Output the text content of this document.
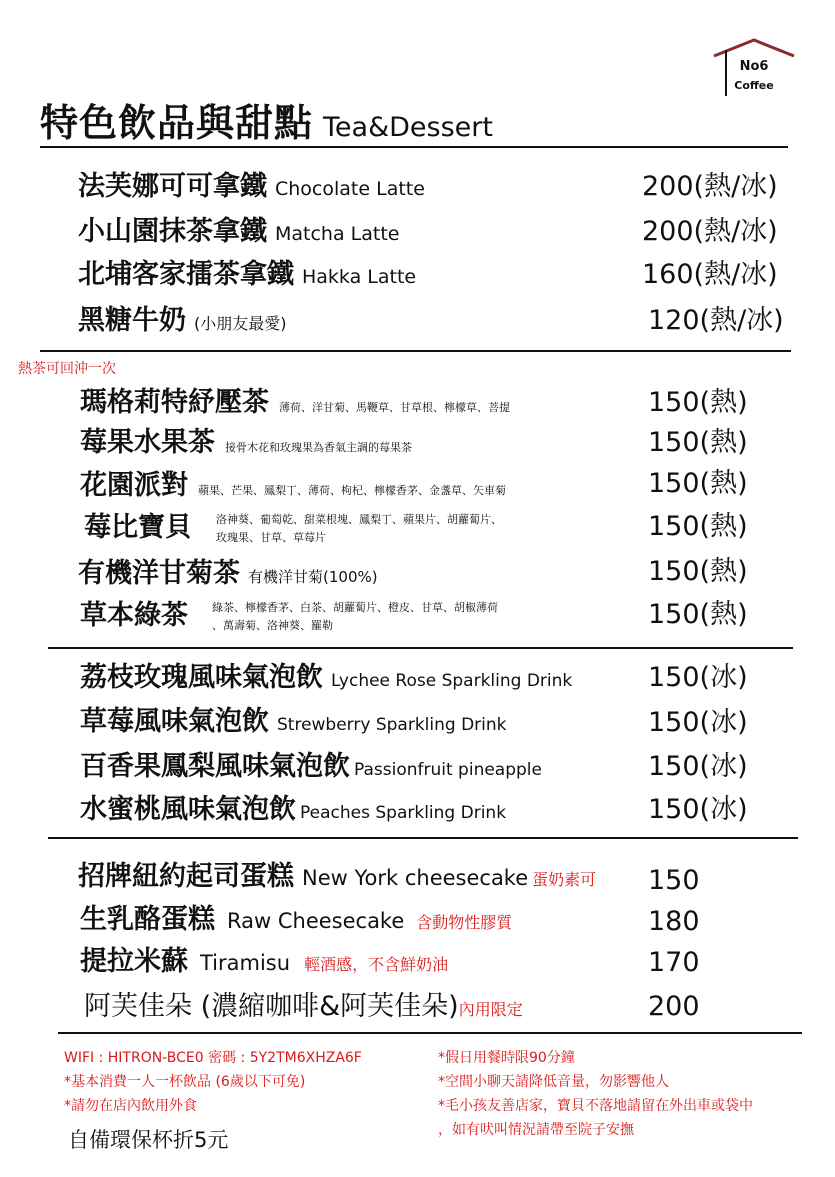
No6
Coffee
特色飲品與甜點 Tea&Dessert
法芙娜可可拿鐵 Chocolate Latte	200(熱/冰)
小山園抹茶拿鐵 Matcha Latte	200(熱/冰)
北埔客家擂茶拿鐵 Hakka Latte	160(熱/冰)
黑糖牛奶 (小朋友最愛)	120(熱/冰)
熱茶可回沖一次
瑪格莉特紓壓茶 薄荷、洋甘菊、馬鞭草、甘草根、檸檬草、菩提	150(熱)
莓果水果茶 接骨木花和玫瑰果為香氣主調的莓果茶	150(熱)
花園派對 蘋果、芒果、鳳梨丁、薄荷、枸杞、檸檬香茅、金盞草、矢車菊	150(熱)
莓比寶貝 洛神葵、葡萄乾、甜菜根塊、鳳梨丁、蘋果片、胡蘿蔔片、
玫瑰果、甘草、草莓片	150(熱)
有機洋甘菊茶 有機洋甘菊(100%)	150(熱)
草本綠茶 綠茶、檸檬香茅、白茶、胡蘿蔔片、橙皮、甘草、胡椒薄荷
、萬壽菊、洛神葵、羅勒	150(熱)
荔枝玫瑰風味氣泡飲 Lychee Rose Sparkling Drink	150(冰)
草莓風味氣泡飲 Strewberry Sparkling Drink	150(冰)
百香果鳳梨風味氣泡飲 Passionfruit pineapple	150(冰)
水蜜桃風味氣泡飲 Peaches Sparkling Drink	150(冰)
招牌紐約起司蛋糕 New York cheesecake 蛋奶素可 150
生乳酪蛋糕 Raw Cheesecake 含動物性膠質	180
提拉米蘇 Tiramisu 輕酒感，不含鮮奶油	170
阿芙佳朵 (濃縮咖啡&阿芙佳朵)內用限定	200
WIFI : HITRON-BCE0 密碼 : 5Y2TM6XHZA6F
*基本消費一人一杯飲品 (6歲以下可免)
*請勿在店內飲用外食
*假日用餐時限90分鐘
*空間小聊天請降低音量，勿影響他人
*毛小孩友善店家，寶貝不落地請留在外出車或袋中
，如有吠叫情況請帶至院子安撫
自備環保杯折5元
